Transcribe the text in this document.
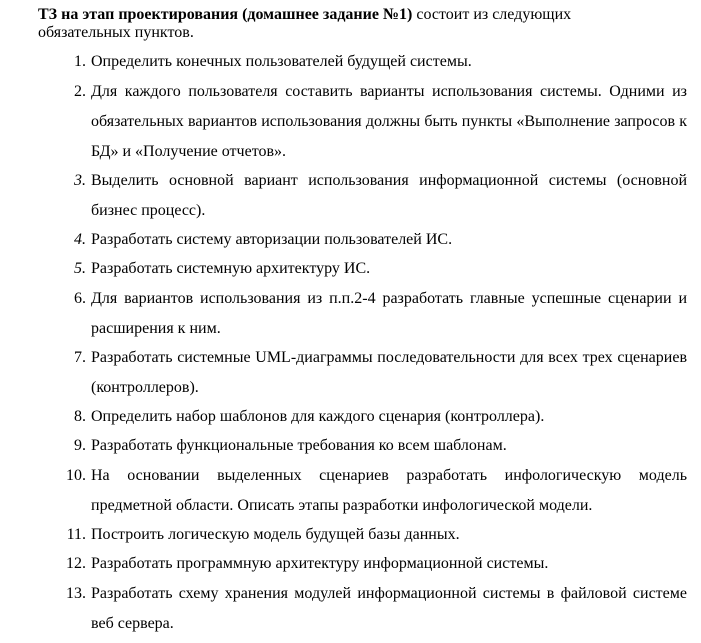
ТЗ на этап проектирования (домашнее задание №1) состоит из следующих
обязательных пунктов.
1. Определить конечных пользователей будущей системы.
2. Для каждого пользователя составить варианты использования системы. Одними из обязательных вариантов использования должны быть пункты «Выполнение запросов к БД» и «Получение отчетов».
3. Выделить основной вариант использования информационной системы (основной бизнес процесс).
4. Разработать систему авторизации пользователей ИС.
5. Разработать системную архитектуру ИС.
6. Для вариантов использования из п.п.2-4 разработать главные успешные сценарии и расширения к ним.
7. Разработать системные UML-диаграммы последовательности для всех трех сценариев (контроллеров).
8. Определить набор шаблонов для каждого сценария (контроллера).
9. Разработать функциональные требования ко всем шаблонам.
10. На основании выделенных сценариев разработать инфологическую модель предметной области. Описать этапы разработки инфологической модели.
11. Построить логическую модель будущей базы данных.
12. Разработать программную архитектуру информационной системы.
13. Разработать схему хранения модулей информационной системы в файловой системе веб сервера.
